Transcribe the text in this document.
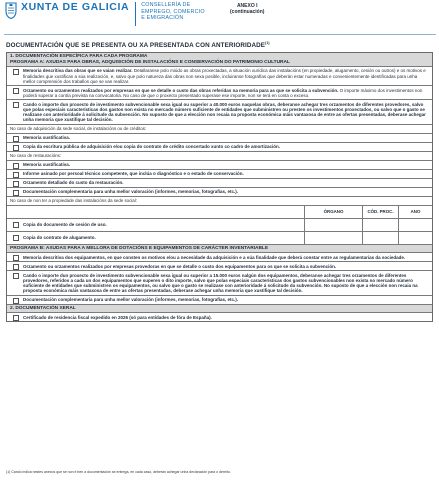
XUNTA DE GALICIA CONSELLERÍA DE
EMPREGO, COMERCIO
E EMIGRACIÓN
ANEXO I
(continuación)
DOCUMENTACIÓN QUE SE PRESENTA OU XA PRESENTADA CON ANTERIORIDADE$^{(1)}$
1. DOCUMENTACIÓN ESPECÍFICA PARA CADA PROGRAMA
PROGRAMA A: AXUDAS PARA OBRAS, ADQUISICIÓN DE INSTALACIÓNS E CONSERVACIÓN DO PATRIMONIO CULTURAL
Memoria descritiva das obras que se vaian realizar. Detallaranse polo miúdo as obras proxectadas, a situación xurídica das instalacións (en propiedade, alugamento, cesión ou outros) e os motivos e finalidades que xustifican a súa realización, e, salvo que polo natureza das obras non sexa posible, incluiranse fotografías que deberán estar numeradas e convenientemente identificadas para unha mellor comprensión dos traballos que se van realizar.
Orzamento ou orzamentos realizados por empresas en que se detalle o custo das obras referidas na memoria para as que se solicita a subvención. O importe máximo dos investimentos non poderá superar a contía prevista na convocatoria. No caso de que o proxecto presentado superase ese importe, non se terá en conta o exceso.
Cando o importe dun proxecto de investimento subvencionable sexa igual ou superior a 40.000 euros naquelas obras, deberanse achegar tres orzamentos de diferentes provedores, salvo que polas especiais características dos gastos non exista no mercado número suficiente de entidades que subministren ou presten os investimentos proxectados, ou salvo que o gasto se realizase con anterioridade á solicitude da subvención. No suposto de que a elección non recaia na proposta económica máis vantaxosa de entre as ofertas presentadas, deberase achegar unha memoria que xustifique tal decisión.
No caso de adquisición da sede social, de instalacións ou de créditos:
Memoria xustificativa.
Copia da escritura pública de adquisición e/ou copia do contrato de crédito concertado xunto co cadro de amortización.
No caso de restauracións:
Memoria xustificativa.
Informe asinado por persoal técnico competente, que inclúa o diagnóstico e o estado de conservación.
Orzamento detallado do custo da restauración.
Documentación complementaria para unha mellor valoración (informes, memorias, fotografías, etc.).
No caso de non ter a propiedade das instalacións da sede social:
ÓRGANO	CÓD. PROC.	ANO
Copia do documento de cesión de uso.
Copia do contrato de alugamento.
PROGRAMA B: AXUDAS PARA A MELLORA DE DOTACIÓNS E EQUIPAMENTOS DE CARÁCTER INVENTARIABLE
Memoria descritiva dos equipamentos, en que consten os motivos e/ou a necesidade da adquisición e a súa finalidade que deberá constar entre as regulamentarias da sociedade.
Orzamento ou orzamentos realizados por empresas provedoras en que se detalle o custo dos equipamentos para os que se solicita a subvención.
Cando o importe dun proxecto de investimento subvencionable sexa igual ou superior a 15.000 euros nalgún dos equipamentos, deberanse achegar tres orzamentos de diferentes provedores, referidos a cada un dos equipamentos que superen o dito importe, salvo que polas especiais características dos gastos subvencionables non exista no mercado número suficiente de entidades que subministren os equipamentos, ou salvo que o gasto se realizase con anterioridade á solicitude da subvención. No suposto de que a elección non recaia na proposta económica máis vantaxosa de entre as ofertas presentadas, deberase achegar unha memoria que xustifique tal decisión.
Documentación complementaria para unha mellor valoración (informes, memorias, fotografías, etc.).
2. DOCUMENTACIÓN XERAL
Certificado de residencia fiscal expedido en 2026 (só para entidades de fóra de España).
(1) Cando indica nestes anexos que se non é ben a documentación se entrega, en cada caso, deberán achegar unha declaración para o dereito.
